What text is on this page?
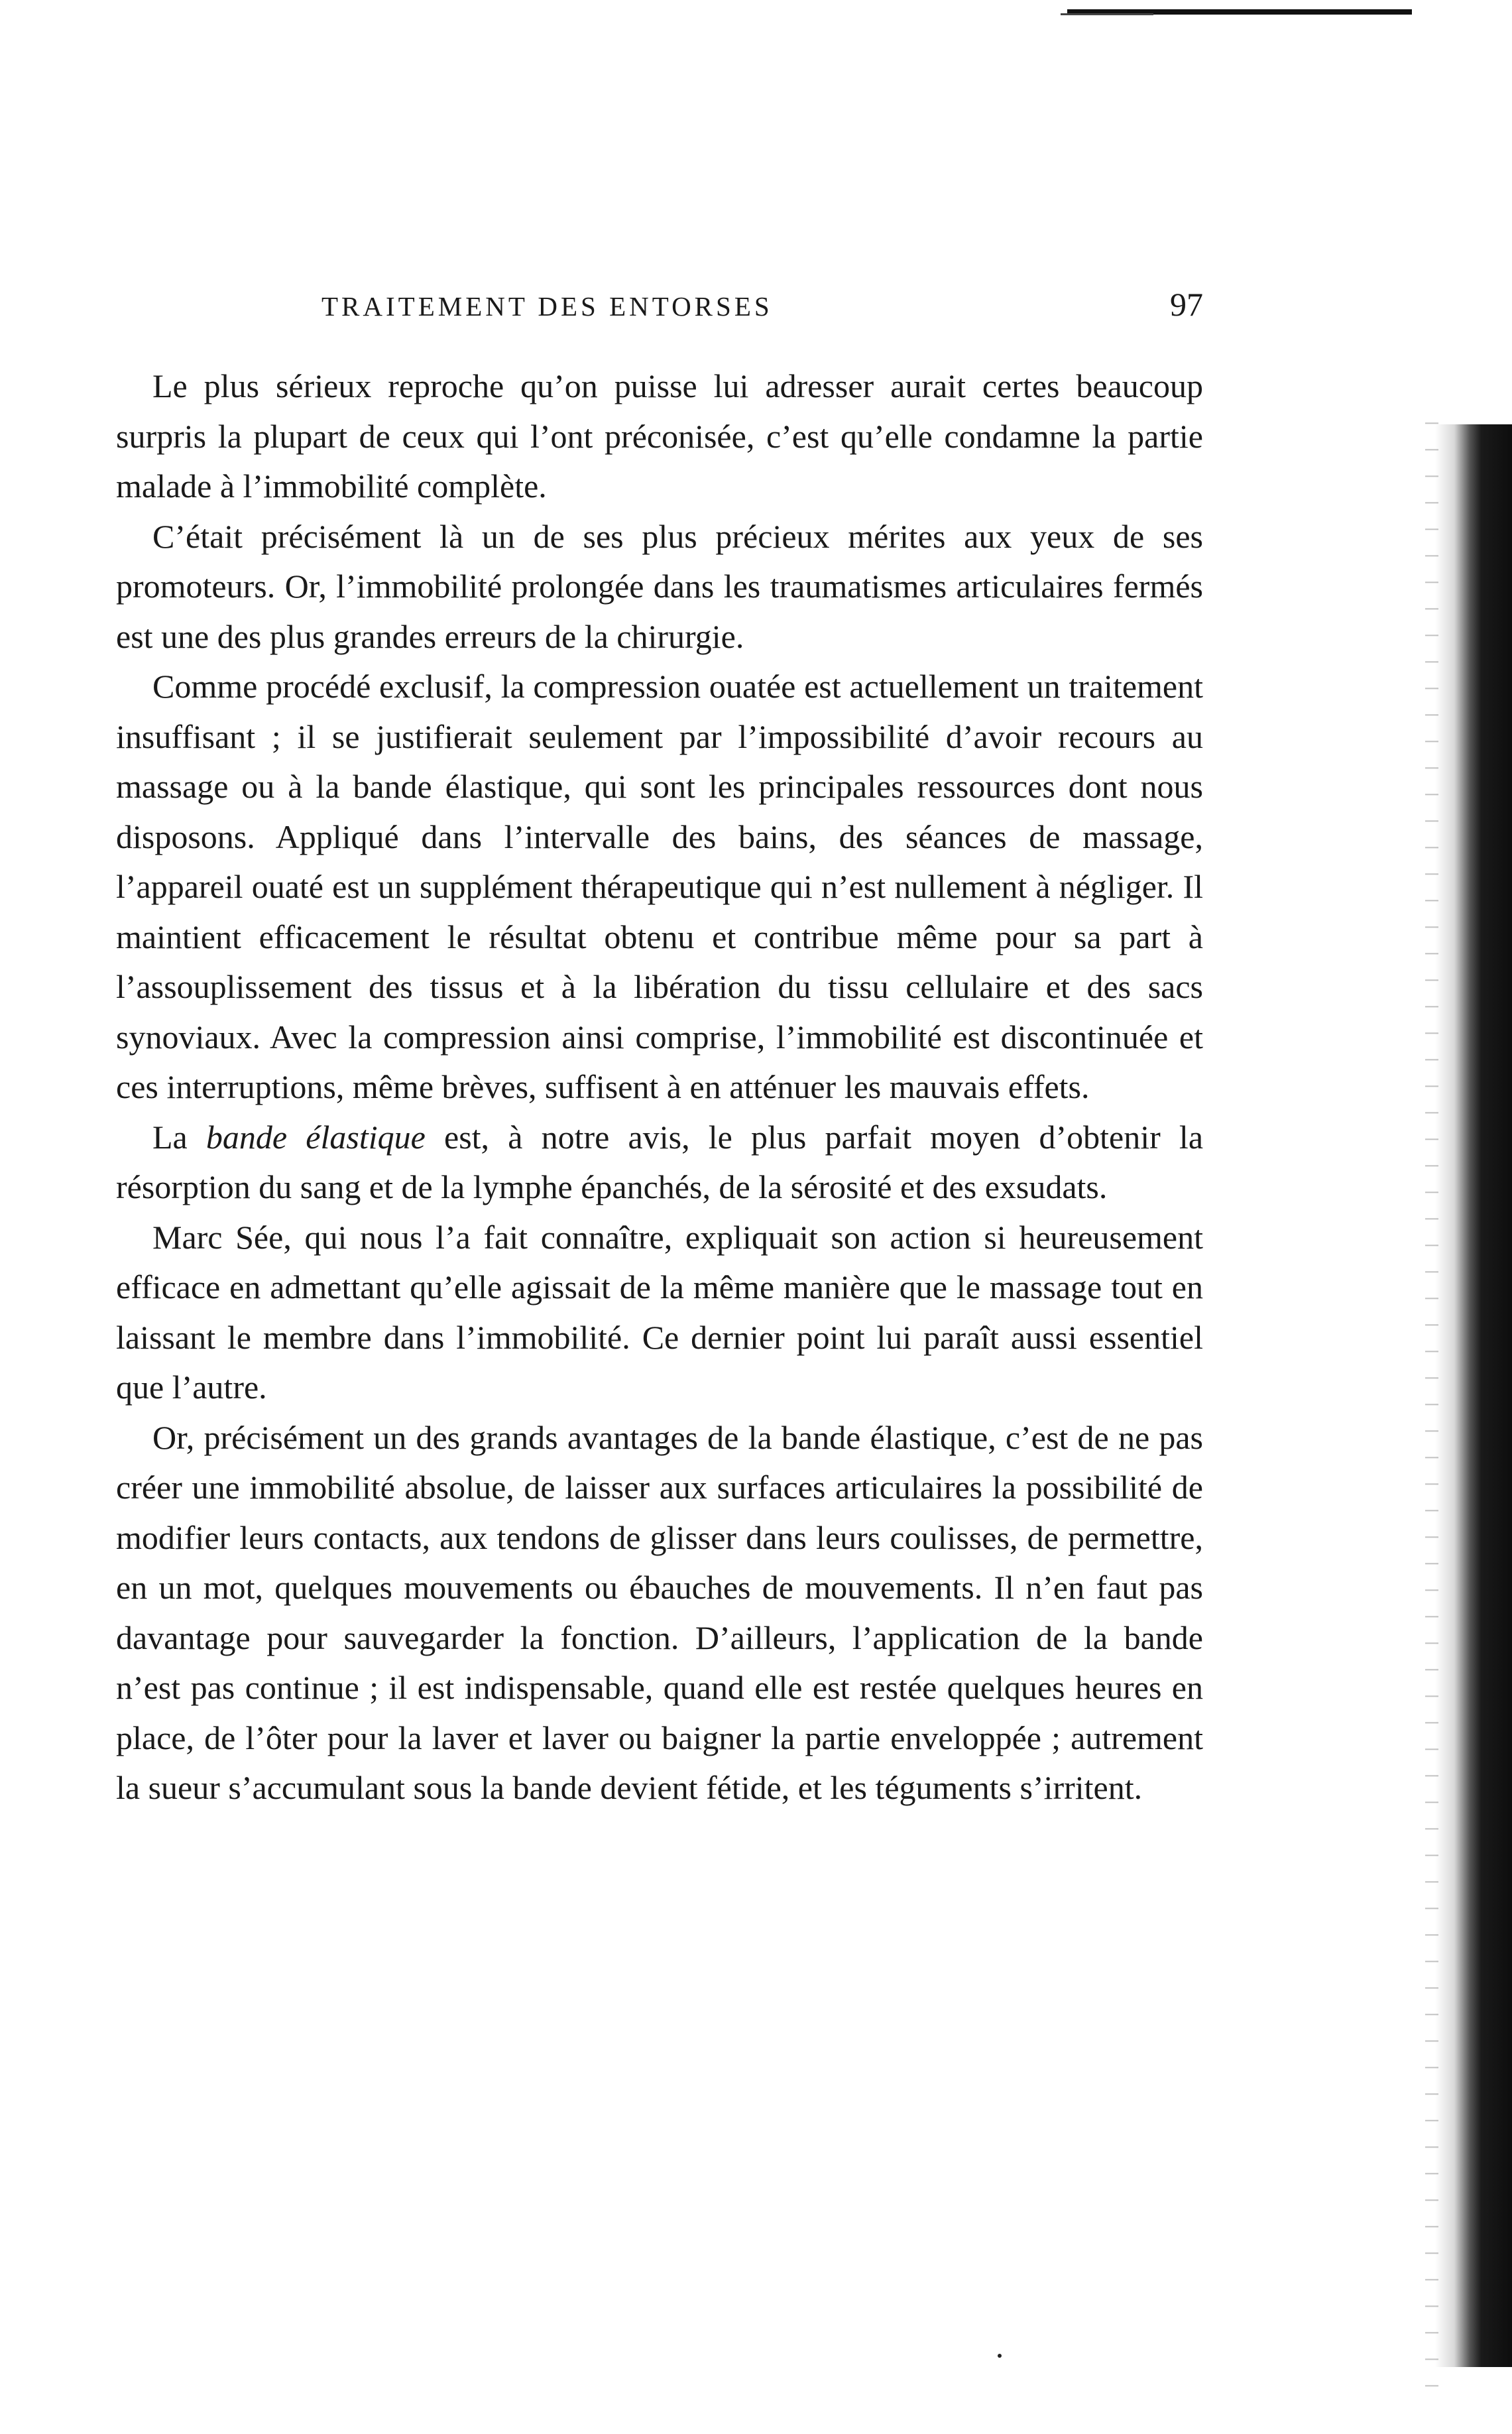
TRAITEMENT DES ENTORSES	97

Le plus sérieux reproche qu’on puisse lui adresser aurait certes beaucoup surpris la plupart de ceux qui l’ont préconisée, c’est qu’elle condamne la partie malade à l’immobilité complète.

C’était précisément là un de ses plus précieux mérites aux yeux de ses promoteurs. Or, l’immobilité prolongée dans les traumatismes articulaires fermés est une des plus grandes erreurs de la chirurgie.

Comme procédé exclusif, la compression ouatée est actuellement un traitement insuffisant ; il se justifierait seulement par l’impossibilité d’avoir recours au massage ou à la bande élastique, qui sont les principales ressources dont nous disposons. Appliqué dans l’intervalle des bains, des séances de massage, l’appareil ouaté est un supplément thérapeutique qui n’est nullement à négliger. Il maintient efficacement le résultat obtenu et contribue même pour sa part à l’assouplissement des tissus et à la libération du tissu cellulaire et des sacs synoviaux. Avec la compression ainsi comprise, l’immobilité est discontinuée et ces interruptions, même brèves, suffisent à en atténuer les mauvais effets.

La bande élastique est, à notre avis, le plus parfait moyen d’obtenir la résorption du sang et de la lymphe épanchés, de la sérosité et des exsudats.

Marc Sée, qui nous l’a fait connaître, expliquait son action si heureusement efficace en admettant qu’elle agissait de la même manière que le massage tout en laissant le membre dans l’immobilité. Ce dernier point lui paraît aussi essentiel que l’autre.

Or, précisément un des grands avantages de la bande élastique, c’est de ne pas créer une immobilité absolue, de laisser aux surfaces articulaires la possibilité de modifier leurs contacts, aux tendons de glisser dans leurs coulisses, de permettre, en un mot, quelques mouvements ou ébauches de mouvements. Il n’en faut pas davantage pour sauvegarder la fonction. D’ailleurs, l’application de la bande n’est pas continue ; il est indispensable, quand elle est restée quelques heures en place, de l’ôter pour la laver et laver ou baigner la partie enveloppée ; autrement la sueur s’accumulant sous la bande devient fétide, et les téguments s’irritent.
